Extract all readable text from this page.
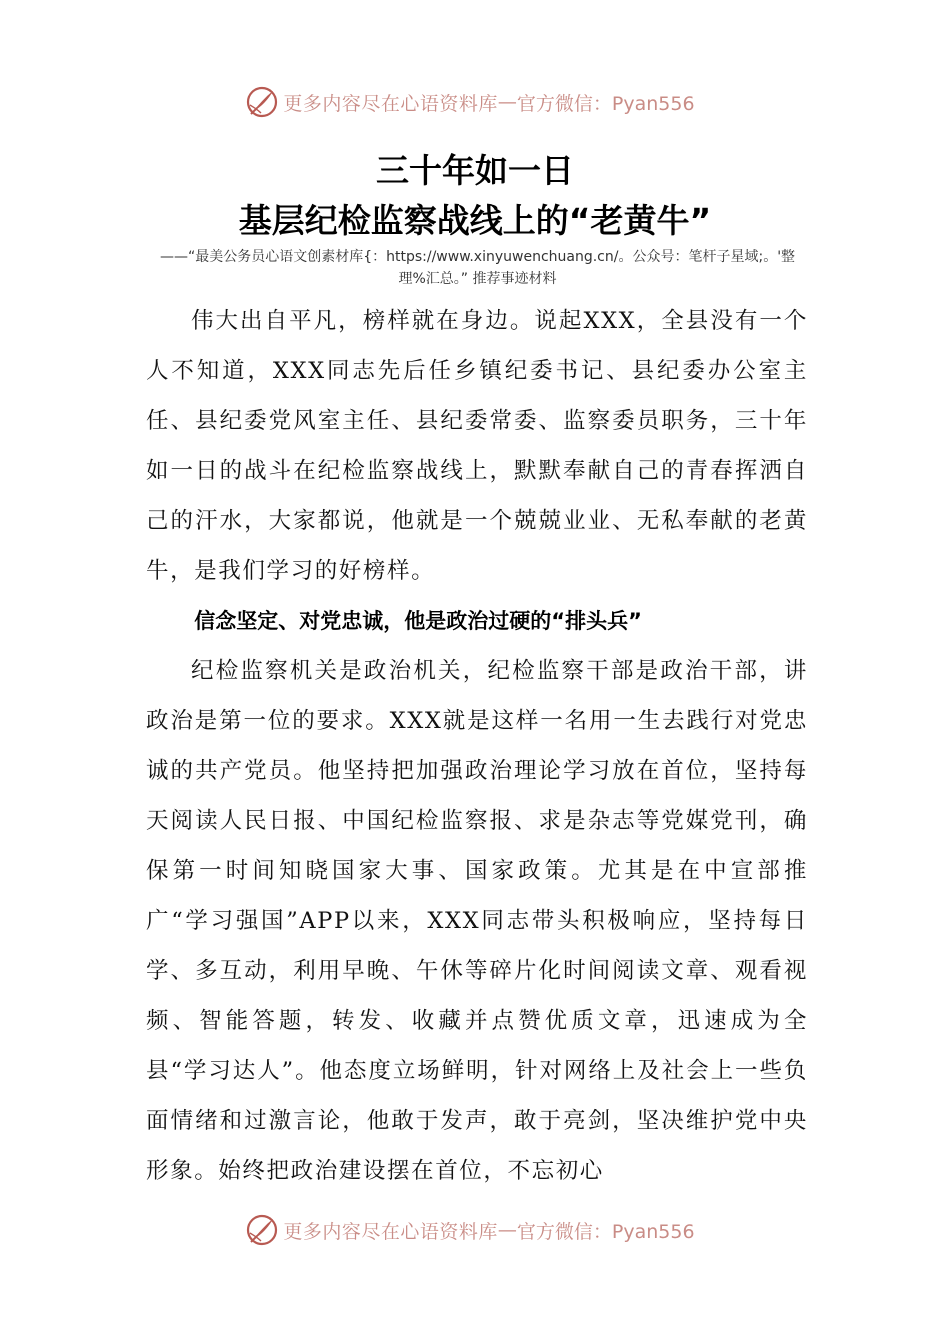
更多内容尽在心语资料库 — 官方微信：Pyan556
三十年如一日
基层纪检监察战线上的“老黄牛”
——“最美公务员心语文创素材库{：https://www.xinyuwenchuang.cn/。公众号：笔杆子星域;。'整理%汇总。” 推荐事迹材料

伟大出自平凡，榜样就在身边。说起XXX，全县没有一个人不知道，XXX同志先后任乡镇纪委书记、县纪委办公室主任、县纪委党风室主任、县纪委常委、监察委员职务，三十年如一日的战斗在纪检监察战线上，默默奉献自己的青春挥洒自己的汗水，大家都说，他就是一个兢兢业业、无私奉献的老黄牛，是我们学习的好榜样。

信念坚定、对党忠诚，他是政治过硬的“排头兵”

纪检监察机关是政治机关，纪检监察干部是政治干部，讲政治是第一位的要求。XXX就是这样一名用一生去践行对党忠诚的共产党员。他坚持把加强政治理论学习放在首位，坚持每天阅读人民日报、中国纪检监察报、求是杂志等党媒党刊，确保第一时间知晓国家大事、国家政策。尤其是在中宣部推广“学习强国”APP以来，XXX同志带头积极响应，坚持每日学、多互动，利用早晚、午休等碎片化时间阅读文章、观看视频、智能答题，转发、收藏并点赞优质文章，迅速成为全县“学习达人”。他态度立场鲜明，针对网络上及社会上一些负面情绪和过激言论，他敢于发声，敢于亮剑，坚决维护党中央形象。始终把政治建设摆在首位，不忘初心

更多内容尽在心语资料库 — 官方微信：Pyan556
